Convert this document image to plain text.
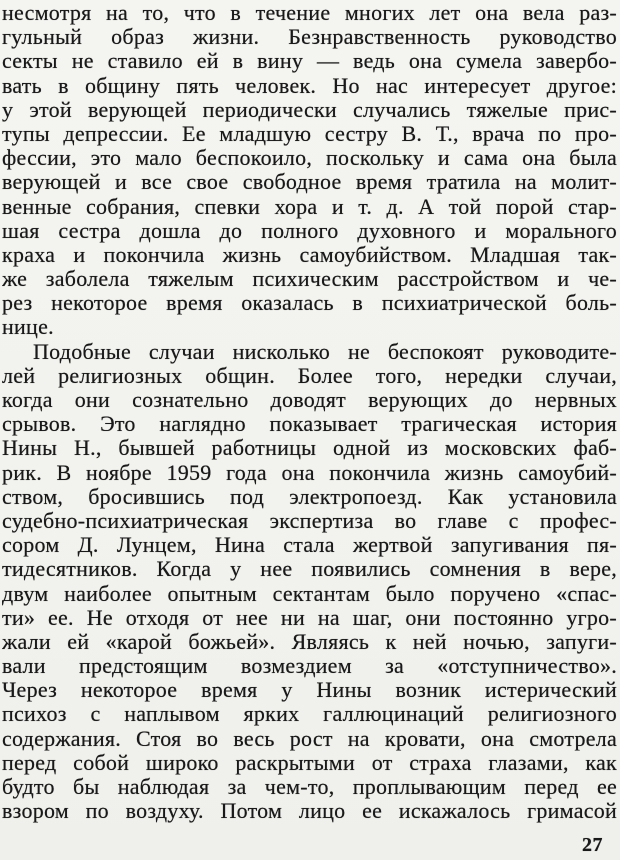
несмотря на то, что в течение многих лет она вела раз-
гульный образ жизни. Безнравственность руководство
секты не ставило ей в вину — ведь она сумела завербо-
вать в общину пять человек. Но нас интересует другое:
у этой верующей периодически случались тяжелые прис-
тупы депрессии. Ее младшую сестру В. Т., врача по про-
фессии, это мало беспокоило, поскольку и сама она была
верующей и все свое свободное время тратила на молит-
венные собрания, спевки хора и т. д. А той порой стар-
шая сестра дошла до полного духовного и морального
краха и покончила жизнь самоубийством. Младшая так-
же заболела тяжелым психическим расстройством и че-
рез некоторое время оказалась в психиатрической боль-
нице.
Подобные случаи нисколько не беспокоят руководите-
лей религиозных общин. Более того, нередки случаи,
когда они сознательно доводят верующих до нервных
срывов. Это наглядно показывает трагическая история
Нины Н., бывшей работницы одной из московских фаб-
рик. В ноябре 1959 года она покончила жизнь самоубий-
ством, бросившись под электропоезд. Как установила
судебно-психиатрическая экспертиза во главе с профес-
сором Д. Лунцем, Нина стала жертвой запугивания пя-
тидесятников. Когда у нее появились сомнения в вере,
двум наиболее опытным сектантам было поручено «спас-
ти» ее. Не отходя от нее ни на шаг, они постоянно угро-
жали ей «карой божьей». Являясь к ней ночью, запуги-
вали предстоящим возмездием за «отступничество».
Через некоторое время у Нины возник истерический
психоз с наплывом ярких галлюцинаций религиозного
содержания. Стоя во весь рост на кровати, она смотрела
перед собой широко раскрытыми от страха глазами, как
будто бы наблюдая за чем-то, проплывающим перед ее
взором по воздуху. Потом лицо ее искажалось гримасой
27
